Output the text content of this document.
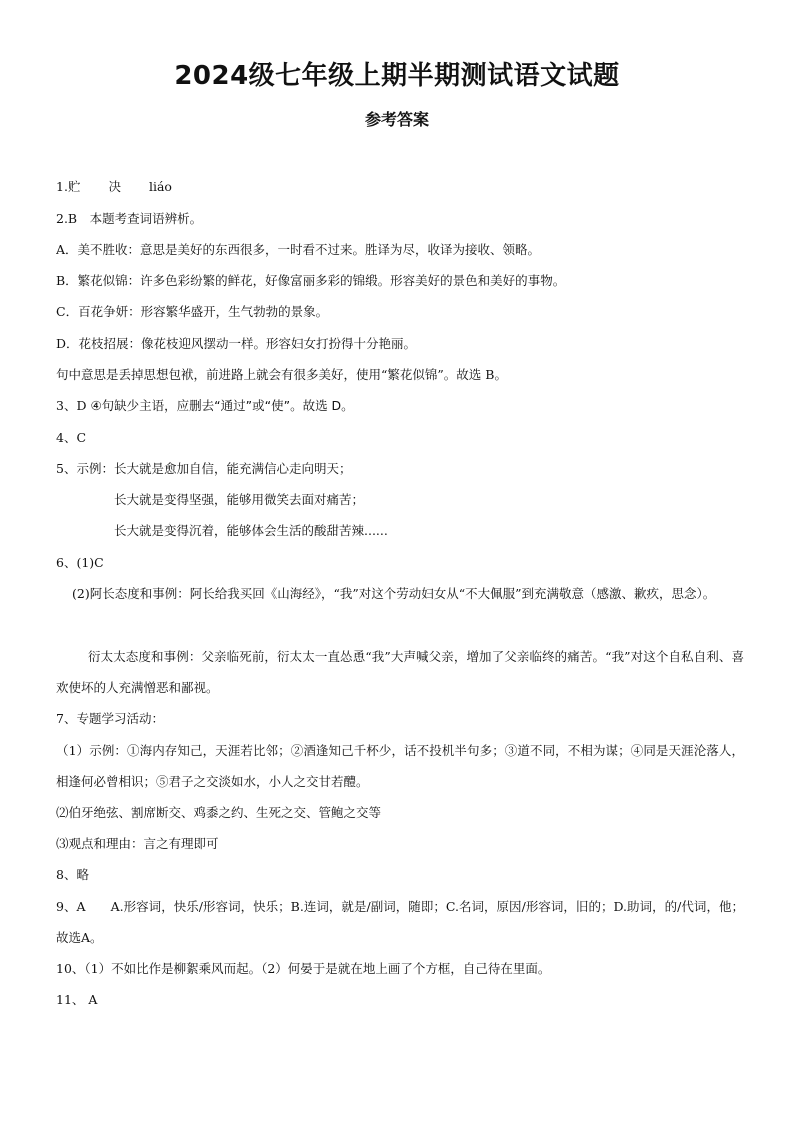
2024级七年级上期半期测试语文试题
参考答案
1.贮 决 liáo
2.B　本题考查词语辨析。
A．美不胜收：意思是美好的东西很多，一时看不过来。胜译为尽，收译为接收、领略。
B．繁花似锦：许多色彩纷繁的鲜花，好像富丽多彩的锦缎。形容美好的景色和美好的事物。
C．百花争妍：形容繁华盛开，生气勃勃的景象。
D．花枝招展：像花枝迎风摆动一样。形容妇女打扮得十分艳丽。
句中意思是丢掉思想包袱，前进路上就会有很多美好，使用“繁花似锦”。故选 B。
3、D ④句缺少主语，应删去“通过”或“使”。故选 D。
4、C
5、示例：长大就是愈加自信，能充满信心走向明天；
长大就是变得坚强，能够用微笑去面对痛苦；
长大就是变得沉着，能够体会生活的酸甜苦辣......
6、(1)C
(2)阿长态度和事例：阿长给我买回《山海经》，“我”对这个劳动妇女从“不大佩服”到充满敬意（感激、歉疚，思念）。
衍太太态度和事例：父亲临死前，衍太太一直怂恿“我”大声喊父亲，增加了父亲临终的痛苦。“我”对这个自私自利、喜欢使坏的人充满憎恶和鄙视。
7、专题学习活动：
（1）示例：①海内存知己，天涯若比邻；②酒逢知己千杯少，话不投机半句多；③道不同，不相为谋；④同是天涯沦落人，相逢何必曾相识；⑤君子之交淡如水，小人之交甘若醴。
⑵伯牙绝弦、割席断交、鸡黍之约、生死之交、管鲍之交等
⑶观点和理由：言之有理即可
8、略
9、A　　A.形容词，快乐/形容词，快乐；B.连词，就是/副词，随即；C.名词，原因/形容词，旧的；D.助词，的/代词，他；故选A。
10、（1）不如比作是柳絮乘风而起。（2）何晏于是就在地上画了个方框，自己待在里面。
11、 A
